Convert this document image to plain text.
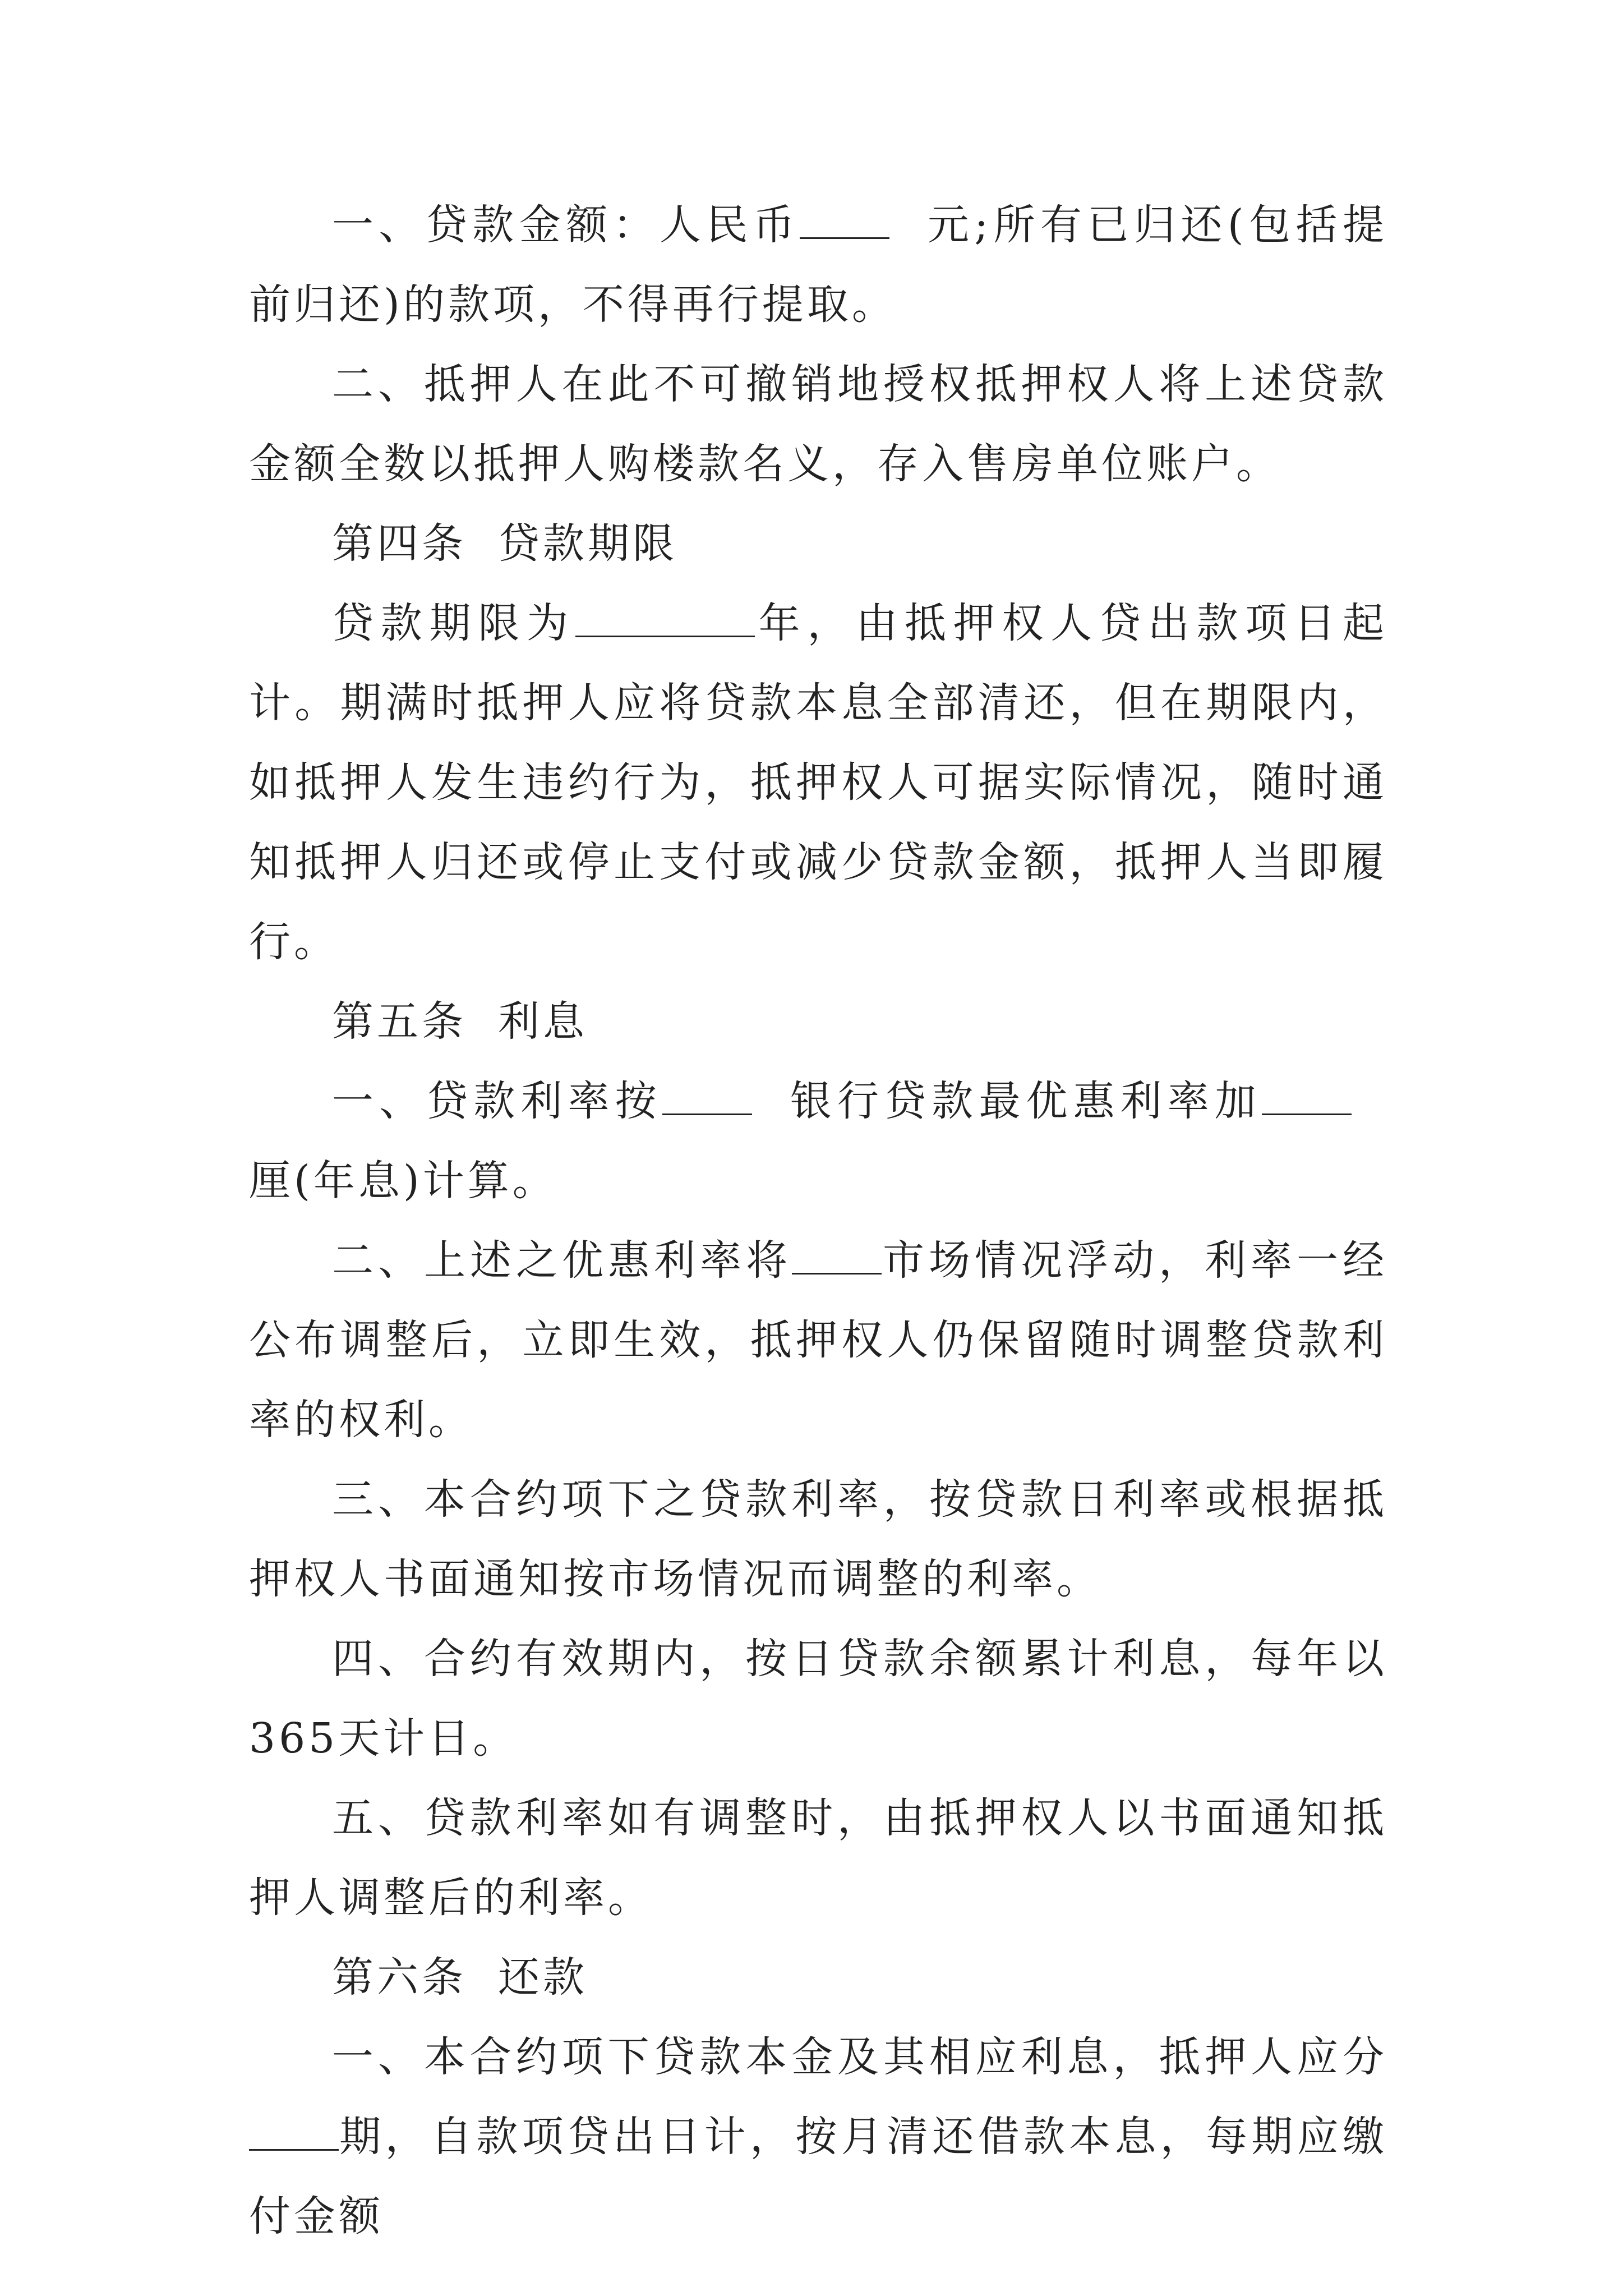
一、贷款金额：人民币	元;所有已归还(包括提前归还)的款项，不得再行提取。

二、抵押人在此不可撤销地授权抵押权人将上述贷款金额全数以抵押人购楼款名义，存入售房单位账户。

第四条 贷款期限

贷款期限为	年，由抵押权人贷出款项日起计。期满时抵押人应将贷款本息全部清还，但在期限内，如抵押人发生违约行为，抵押权人可据实际情况，随时通知抵押人归还或停止支付或减少贷款金额，抵押人当即履行。

第五条 利息

一、贷款利率按	银行贷款最优惠利率加厘(年息)计算。

二、上述之优惠利率将 市场情况浮动，利率一经公布调整后，立即生效，抵押权人仍保留随时调整贷款利率的权利。

三、本合约项下之贷款利率，按贷款日利率或根据抵押权人书面通知按市场情况而调整的利率。

四、合约有效期内，按日贷款余额累计利息，每年以365天计日。

五、贷款利率如有调整时，由抵押权人以书面通知抵押人调整后的利率。

第六条 还款

一、本合约项下贷款本金及其相应利息，抵押人应分期，自款项贷出日计，按月清还借款本息，每期应缴付金额
